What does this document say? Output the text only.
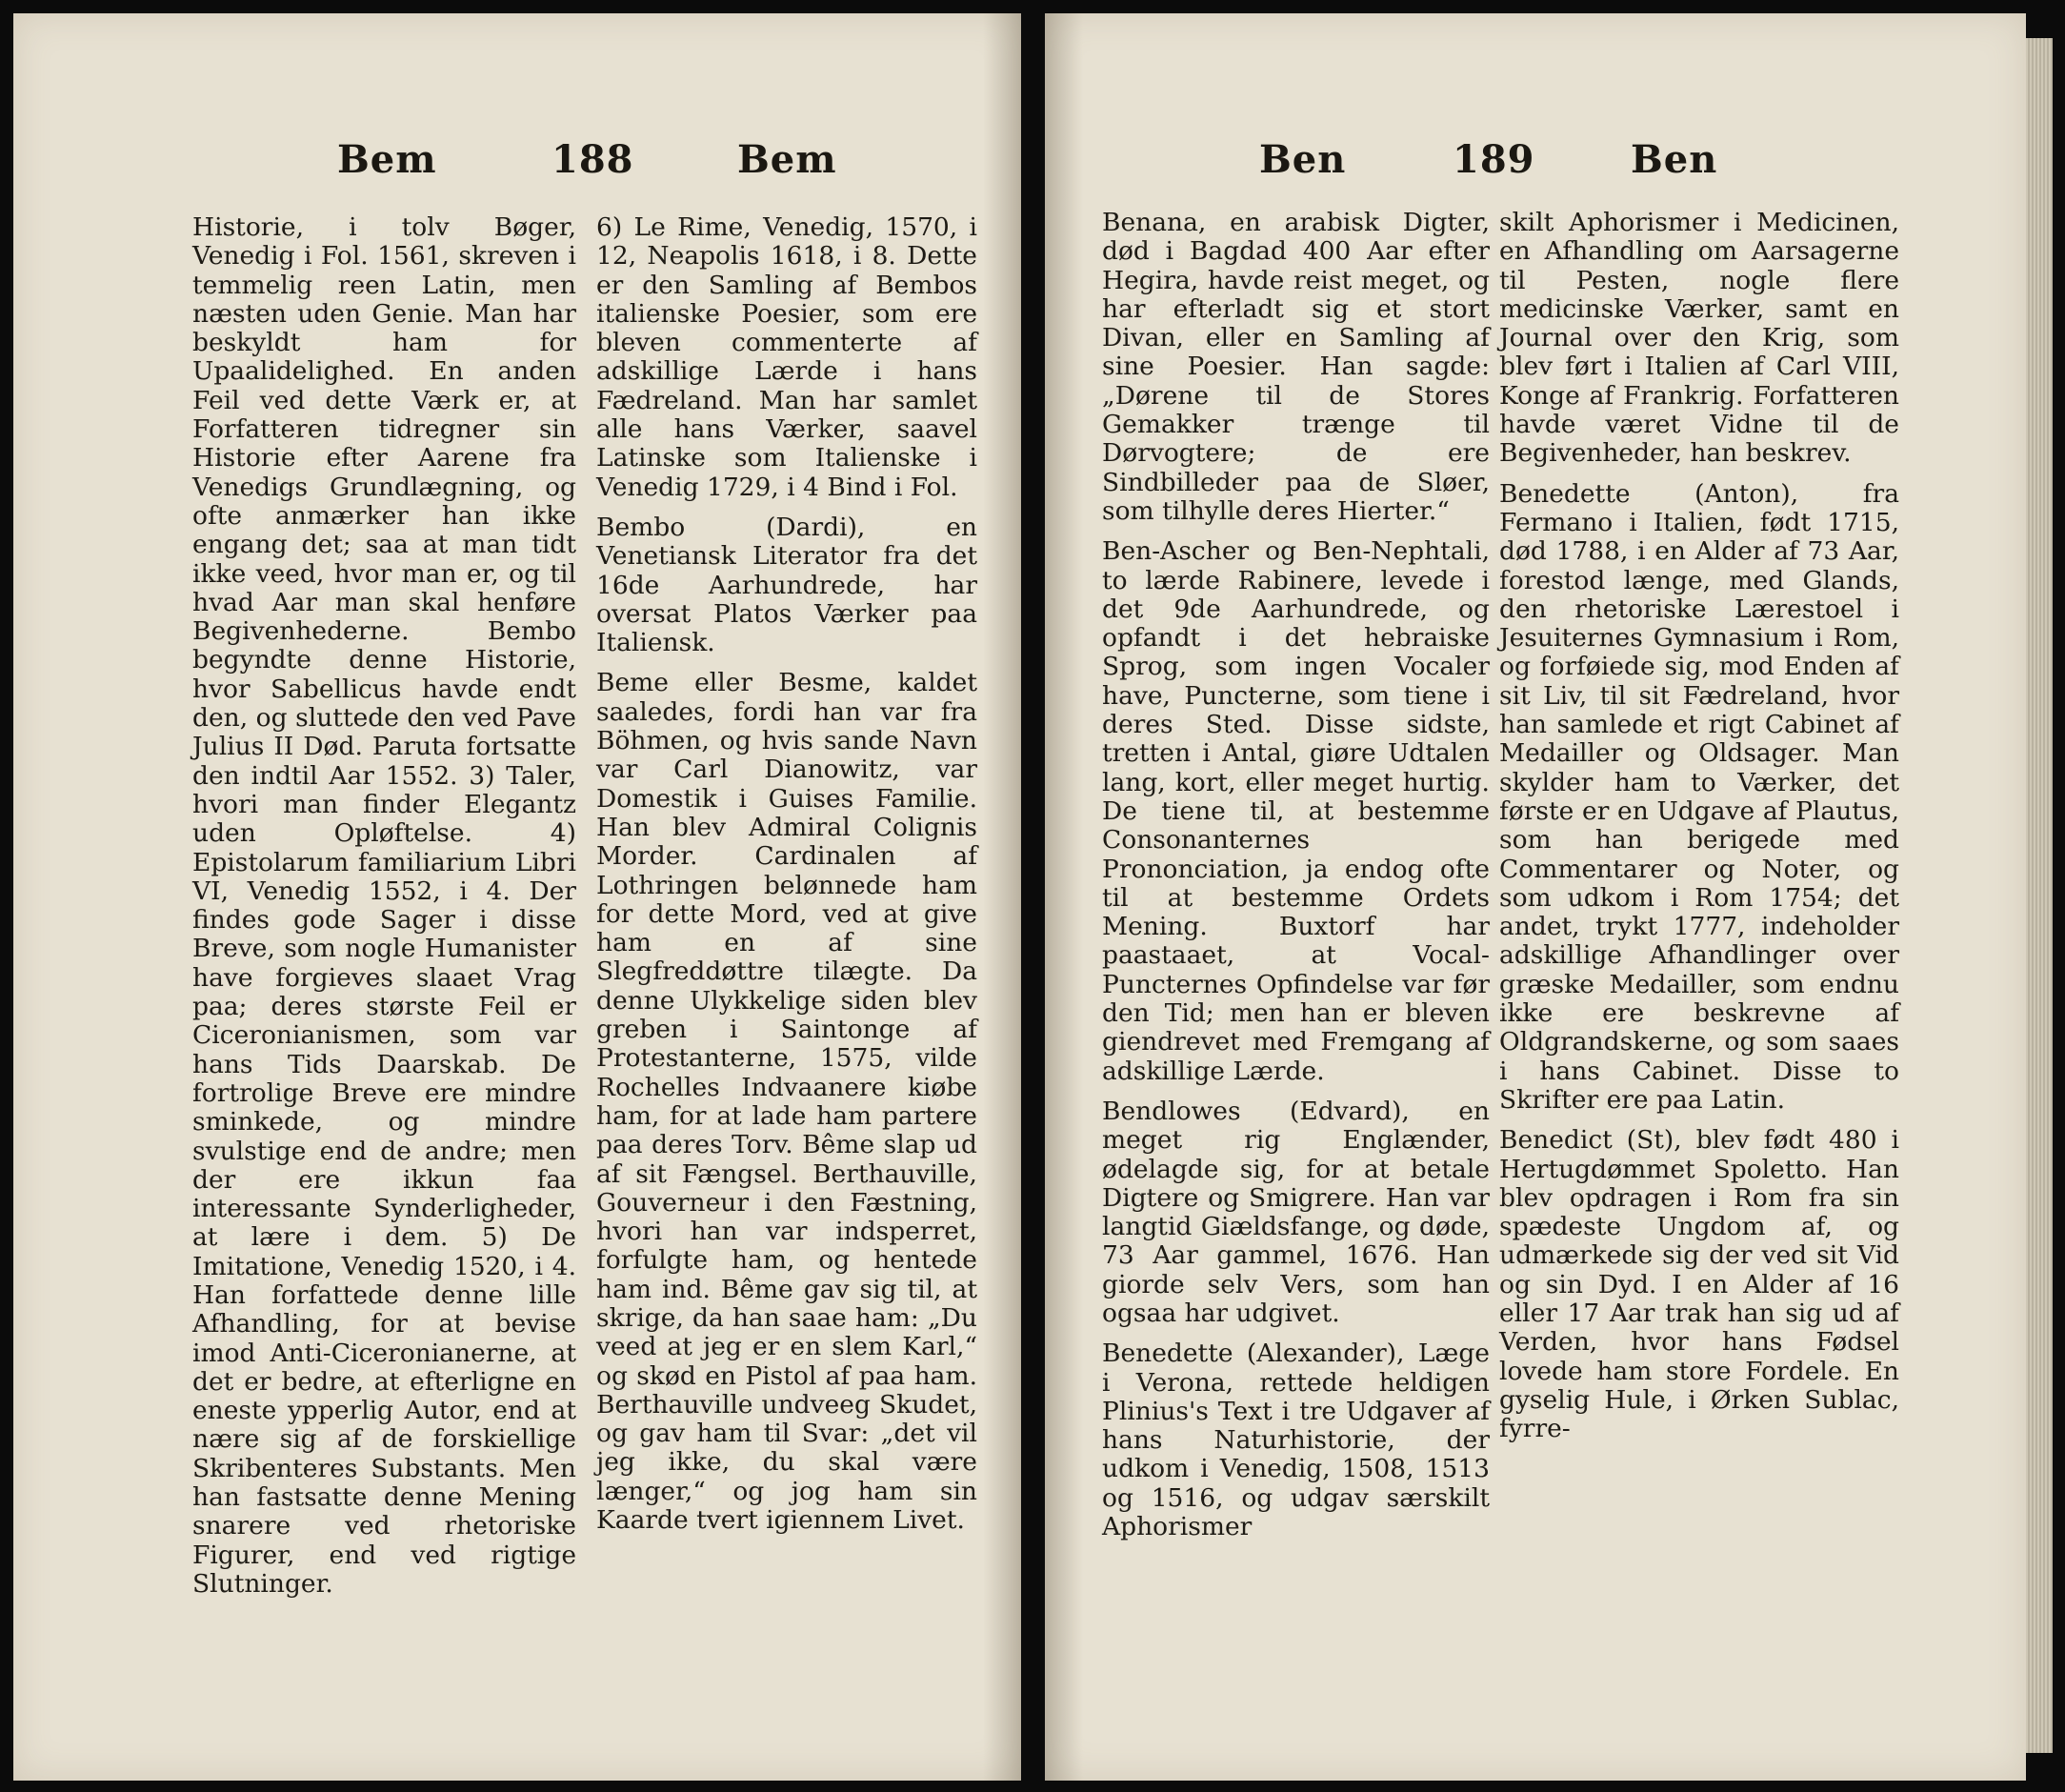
Bem	188	Bem

Historie, i tolv Bøger, Venedig i Fol. 1561, skreven i temmelig reen Latin, men næsten uden Genie. Man har beskyldt ham for Upaalidelighed. En anden Feil ved dette Værk er, at Forfatteren tidregner sin Historie efter Aarene fra Venedigs Grundlægning, og ofte anmærker han ikke engang det; saa at man tidt ikke veed, hvor man er, og til hvad Aar man skal henføre Begivenhederne. Bembo begyndte denne Historie, hvor Sabellicus havde endt den, og sluttede den ved Pave Julius II Død. Paruta fortsatte den indtil Aar 1552. 3) Taler, hvori man finder Elegantz uden Opløftelse. 4) Epistolarum familiarium Libri VI, Venedig 1552, i 4. Der findes gode Sager i disse Breve, som nogle Humanister have forgieves slaaet Vrag paa; deres største Feil er Ciceronianismen, som var hans Tids Daarskab. De fortrolige Breve ere mindre sminkede, og mindre svulstige end de andre; men der ere ikkun faa interessante Synderligheder, at lære i dem. 5) De Imitatione, Venedig 1520, i 4. Han forfattede denne lille Afhandling, for at bevise imod Anti-Ciceronianerne, at det er bedre, at efterligne en eneste ypperlig Autor, end at nære sig af de forskiellige Skribenteres Substants. Men han fastsatte denne Mening snarere ved rhetoriske Figurer, end ved rigtige Slutninger.

6) Le Rime, Venedig, 1570, i 12, Neapolis 1618, i 8. Dette er den Samling af Bembos italienske Poesier, som ere bleven commenterte af adskillige Lærde i hans Fædreland. Man har samlet alle hans Værker, saavel Latinske som Italienske i Venedig 1729, i 4 Bind i Fol.

Bembo (Dardi), en Venetiansk Literator fra det 16de Aarhundrede, har oversat Platos Værker paa Italiensk.

Beme eller Besme, kaldet saaledes, fordi han var fra Böhmen, og hvis sande Navn var Carl Dianowitz, var Domestik i Guises Familie. Han blev Admiral Colignis Morder. Cardinalen af Lothringen belønnede ham for dette Mord, ved at give ham en af sine Slegfreddøttre tilægte. Da denne Ulykkelige siden blev greben i Saintonge af Protestanterne, 1575, vilde Rochelles Indvaanere kiøbe ham, for at lade ham partere paa deres Torv. Bême slap ud af sit Fængsel. Berthauville, Gouverneur i den Fæstning, hvori han var indsperret, forfulgte ham, og hentede ham ind. Bême gav sig til, at skrige, da han saae ham: „Du veed at jeg er en slem Karl,“ og skød en Pistol af paa ham. Berthauville undveeg Skudet, og gav ham til Svar: „det vil jeg ikke, du skal være længer,“ og jog ham sin Kaarde tvert igiennem Livet.

Ben	189	Ben

Benana, en arabisk Digter, død i Bagdad 400 Aar efter Hegira, havde reist meget, og har efterladt sig et stort Divan, eller en Samling af sine Poesier. Han sagde: „Dørene til de Stores Gemakker trænge til Dørvogtere; de ere Sindbilleder paa de Sløer, som tilhylle deres Hierter.“

Ben-Ascher og Ben-Nephtali, to lærde Rabinere, levede i det 9de Aarhundrede, og opfandt i det hebraiske Sprog, som ingen Vocaler have, Puncterne, som tiene i deres Sted. Disse sidste, tretten i Antal, giøre Udtalen lang, kort, eller meget hurtig. De tiene til, at bestemme Consonanternes Prononciation, ja endog ofte til at bestemme Ordets Mening. Buxtorf har paastaaet, at Vocal-Puncternes Opfindelse var før den Tid; men han er bleven giendrevet med Fremgang af adskillige Lærde.

Bendlowes (Edvard), en meget rig Englænder, ødelagde sig, for at betale Digtere og Smigrere. Han var langtid Giældsfange, og døde, 73 Aar gammel, 1676. Han giorde selv Vers, som han ogsaa har udgivet.

Benedette (Alexander), Læge i Verona, rettede heldigen Plinius's Text i tre Udgaver af hans Naturhistorie, der udkom i Venedig, 1508, 1513 og 1516, og udgav særskilt Aphorismer

skilt Aphorismer i Medicinen, en Afhandling om Aarsagerne til Pesten, nogle flere medicinske Værker, samt en Journal over den Krig, som blev ført i Italien af Carl VIII, Konge af Frankrig. Forfatteren havde været Vidne til de Begivenheder, han beskrev.

Benedette (Anton), fra Fermano i Italien, født 1715, død 1788, i en Alder af 73 Aar, forestod længe, med Glands, den rhetoriske Lærestoel i Jesuiternes Gymnasium i Rom, og forføiede sig, mod Enden af sit Liv, til sit Fædreland, hvor han samlede et rigt Cabinet af Medailler og Oldsager. Man skylder ham to Værker, det første er en Udgave af Plautus, som han berigede med Commentarer og Noter, og som udkom i Rom 1754; det andet, trykt 1777, indeholder adskillige Afhandlinger over græske Medailler, som endnu ikke ere beskrevne af Oldgrandskerne, og som saaes i hans Cabinet. Disse to Skrifter ere paa Latin.

Benedict (St), blev født 480 i Hertugdømmet Spoletto. Han blev opdragen i Rom fra sin spædeste Ungdom af, og udmærkede sig der ved sit Vid og sin Dyd. I en Alder af 16 eller 17 Aar trak han sig ud af Verden, hvor hans Fødsel lovede ham store Fordele. En gyselig Hule, i Ørken Sublac, fyrre-
